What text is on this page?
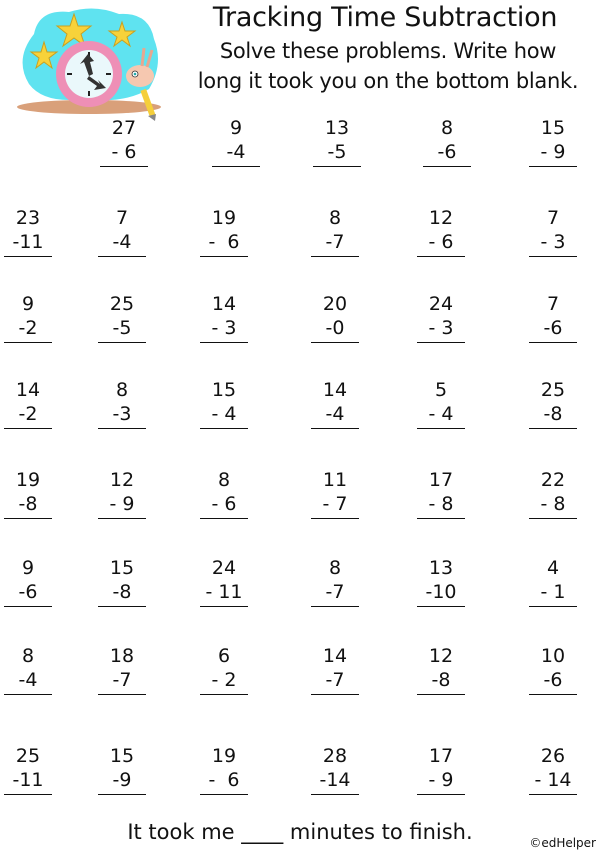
Tracking Time Subtraction
Solve these problems. Write how
long it took you on the bottom blank.
27
- 6
9
-4
13
-5
8
-6
15
- 9
23
-11
7
-4
19
-  6
8
-7
12
- 6
7
- 3
9
-2
25
-5
14
- 3
20
-0
24
- 3
7
-6
14
-2
8
-3
15
- 4
14
-4
5
- 4
25
-8
19
-8
12
- 9
8
- 6
11
- 7
17
- 8
22
- 8
9
-6
15
-8
24
- 11
8
-7
13
-10
4
- 1
8
-4
18
-7
6
- 2
14
-7
12
-8
10
-6
25
-11
15
-9
19
-  6
28
-14
17
- 9
26
- 14
It took me ____ minutes to finish.	©edHelper
